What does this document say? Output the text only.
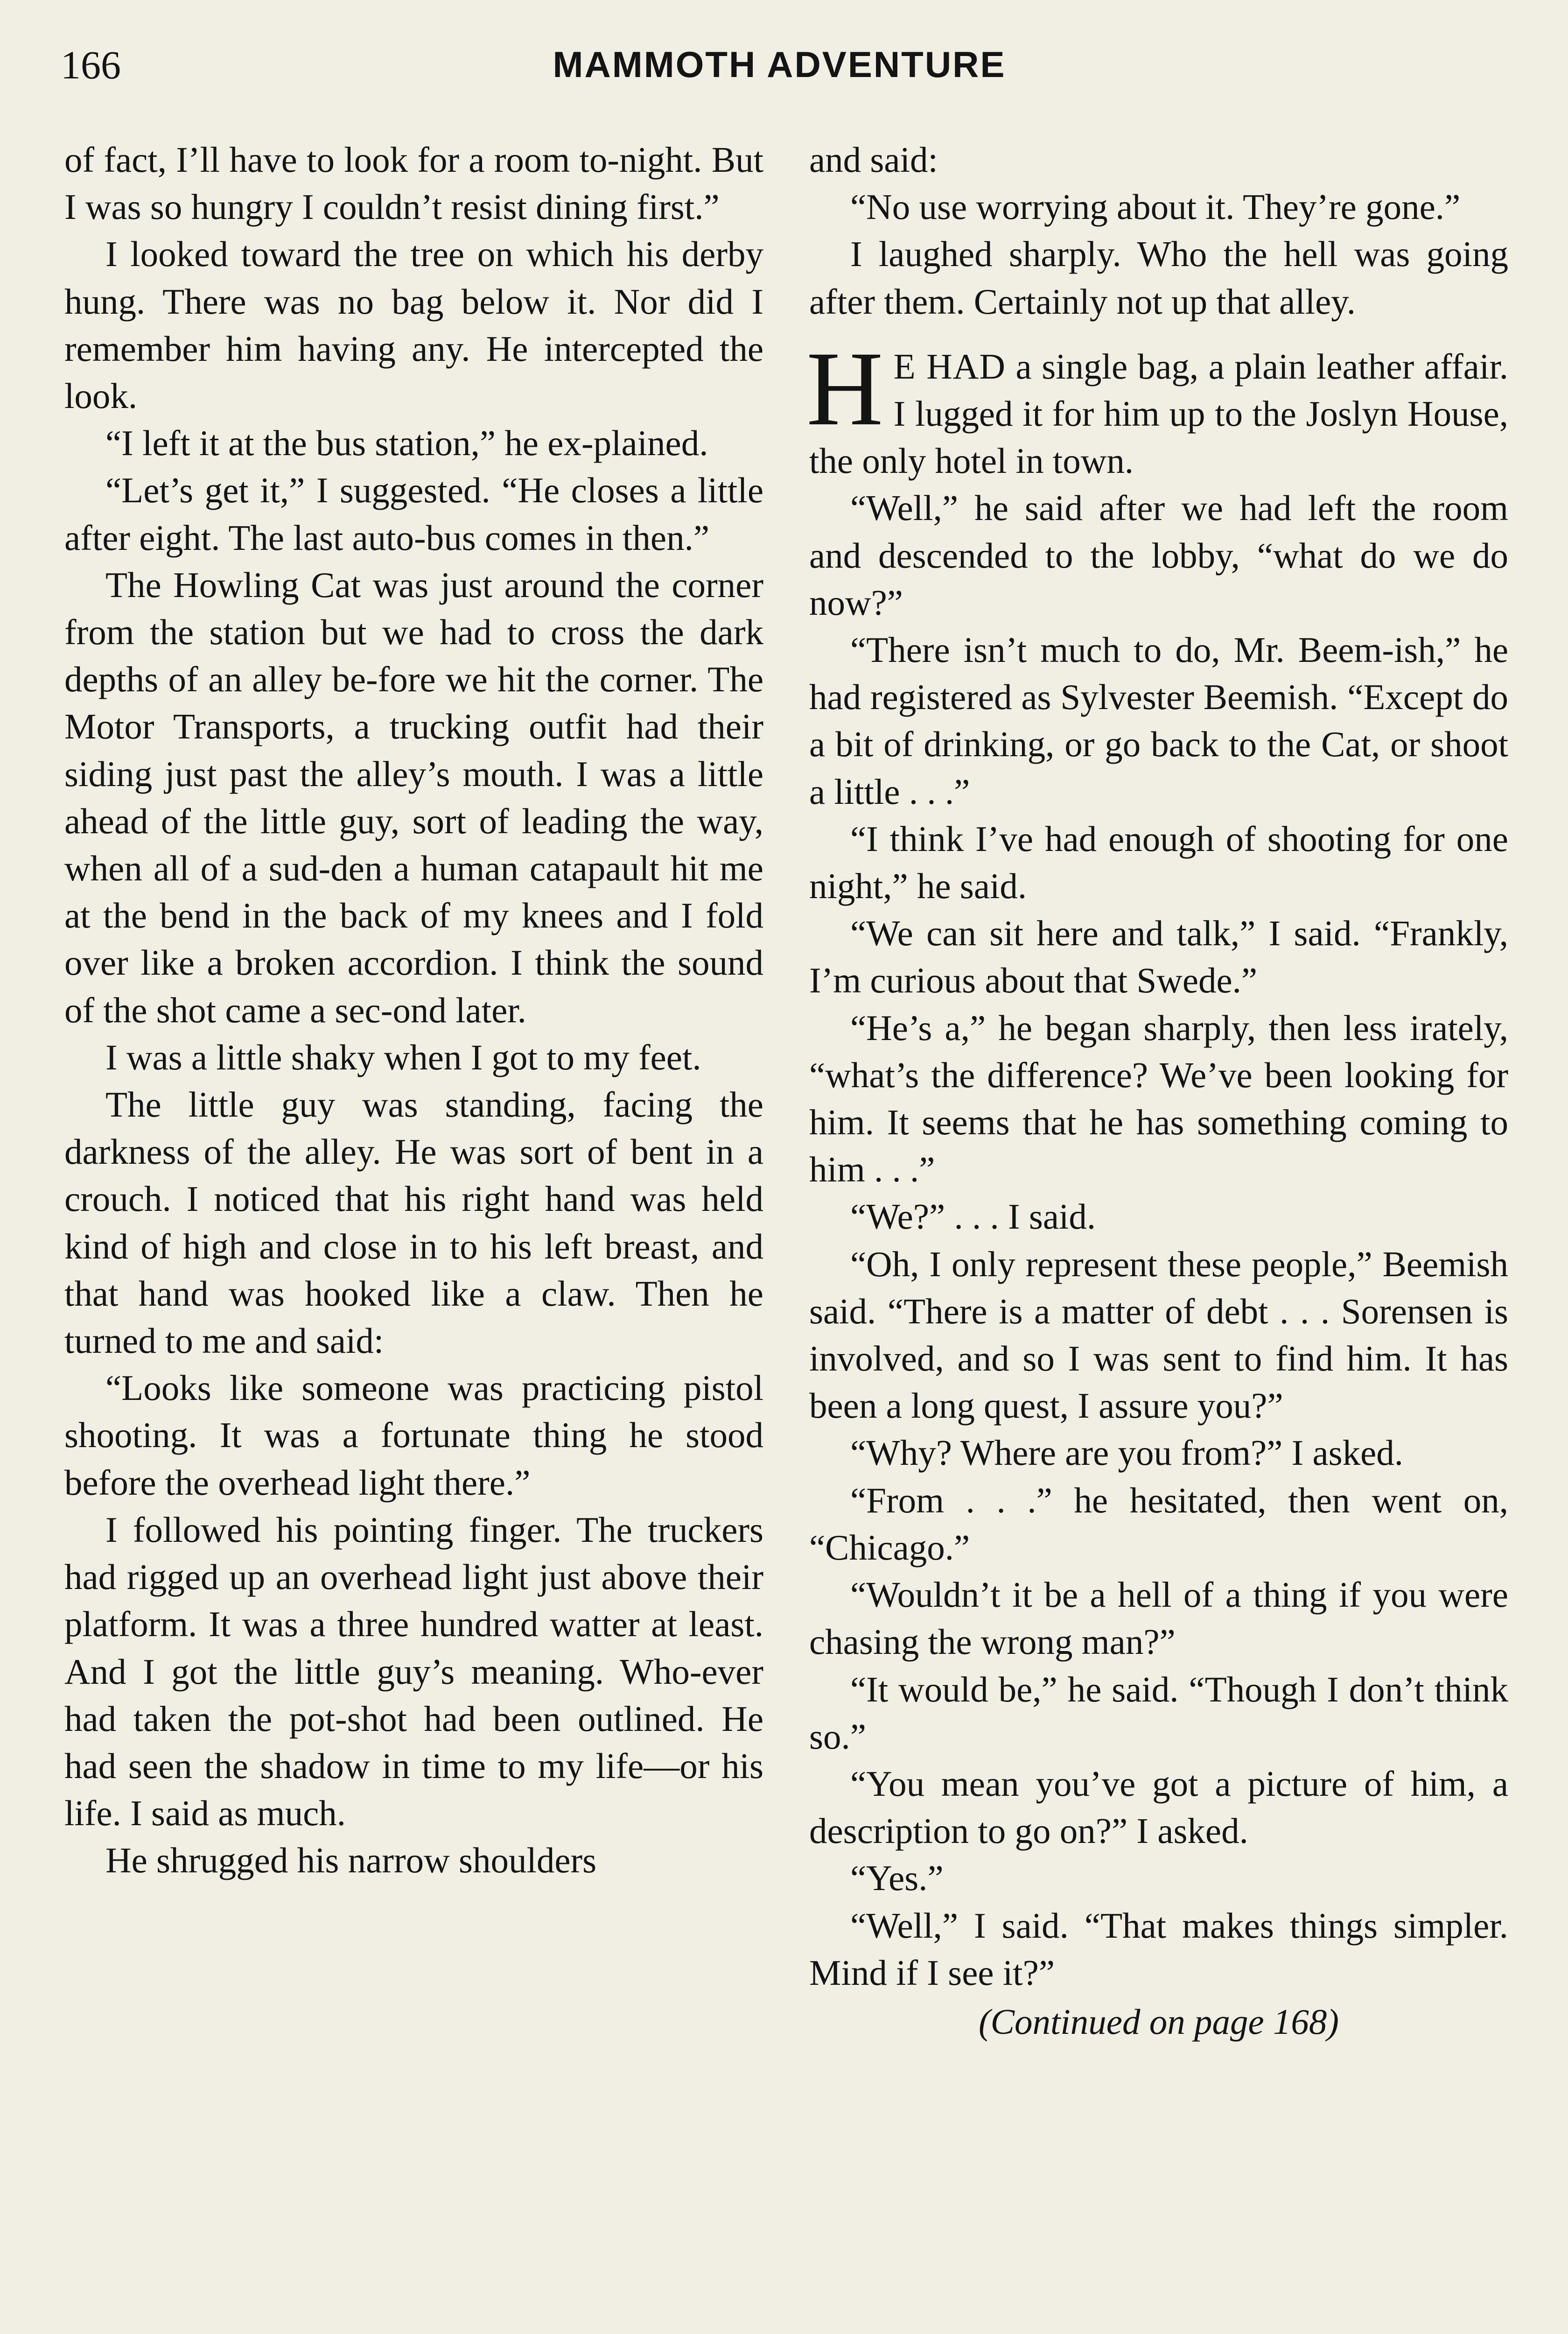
166	MAMMOTH ADVENTURE

of fact, I’ll have to look for a room to-night. But I was so hungry I couldn’t resist dining first.”

I looked toward the tree on which his derby hung. There was no bag below it. Nor did I remember him having any. He intercepted the look.

“I left it at the bus station,” he ex-plained.

“Let’s get it,” I suggested. “He closes a little after eight. The last auto-bus comes in then.”

The Howling Cat was just around the corner from the station but we had to cross the dark depths of an alley be-fore we hit the corner. The Motor Transports, a trucking outfit had their siding just past the alley’s mouth. I was a little ahead of the little guy, sort of leading the way, when all of a sud-den a human catapault hit me at the bend in the back of my knees and I fold over like a broken accordion. I think the sound of the shot came a sec-ond later.

I was a little shaky when I got to my feet.

The little guy was standing, facing the darkness of the alley. He was sort of bent in a crouch. I noticed that his right hand was held kind of high and close in to his left breast, and that hand was hooked like a claw. Then he turned to me and said:

“Looks like someone was practicing pistol shooting. It was a fortunate thing he stood before the overhead light there.”

I followed his pointing finger. The truckers had rigged up an overhead light just above their platform. It was a three hundred watter at least. And I got the little guy’s meaning. Who-ever had taken the pot-shot had been outlined. He had seen the shadow in time to my life—or his life. I said as much.

He shrugged his narrow shoulders

and said:

“No use worrying about it. They’re gone.”

I laughed sharply. Who the hell was going after them. Certainly not up that alley.

H E HAD a single bag, a plain leather affair. I lugged it for him up to the Joslyn House, the only hotel in town.

“Well,” he said after we had left the room and descended to the lobby, “what do we do now?”

“There isn’t much to do, Mr. Beem-ish,” he had registered as Sylvester Beemish. “Except do a bit of drinking, or go back to the Cat, or shoot a little . . .”

“I think I’ve had enough of shooting for one night,” he said.

“We can sit here and talk,” I said. “Frankly, I’m curious about that Swede.”

“He’s a,” he began sharply, then less irately, “what’s the difference? We’ve been looking for him. It seems that he has something coming to him . . .”

“We?” . . . I said.

“Oh, I only represent these people,” Beemish said. “There is a matter of debt . . . Sorensen is involved, and so I was sent to find him. It has been a long quest, I assure you?”

“Why? Where are you from?” I asked.

“From . . .” he hesitated, then went on, “Chicago.”

“Wouldn’t it be a hell of a thing if you were chasing the wrong man?”

“It would be,” he said. “Though I don’t think so.”

“You mean you’ve got a picture of him, a description to go on?” I asked.

“Yes.”

“Well,” I said. “That makes things simpler. Mind if I see it?”

(Continued on page 168)
